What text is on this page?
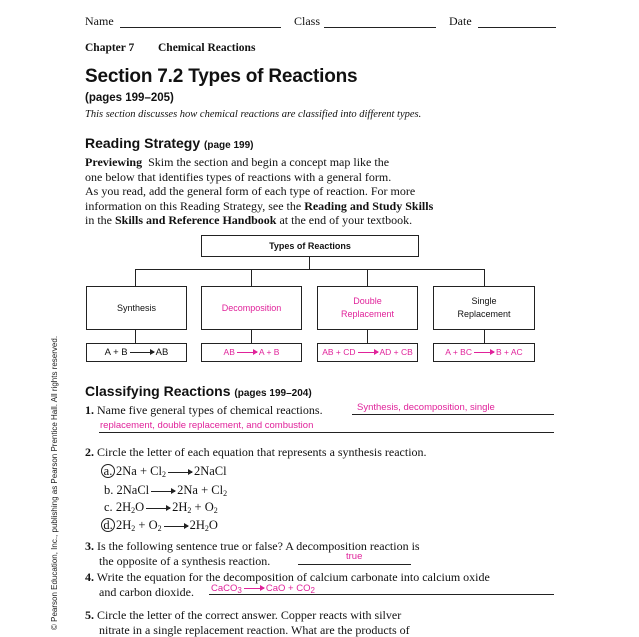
Name	Class	Date
Chapter 7 Chemical Reactions
Section 7.2 Types of Reactions
(pages 199–205)
This section discusses how chemical reactions are classified into different types.
Reading Strategy (page 199)
Previewing Skim the section and begin a concept map like the
one below that identifies types of reactions with a general form.
As you read, add the general form of each type of reaction. For more
information on this Reading Strategy, see the Reading and Study Skills
in the Skills and Reference Handbook at the end of your textbook.
Types of Reactions
Synthesis	Decomposition
Double
Replacement
Single
Replacement
A + B	AB	AB	A + B	AB + CD	AD + CB	A + BC	B + AC
Classifying Reactions (pages 199–204)
1. Name five general types of chemical reactions.	Synthesis, decomposition, single
replacement, double replacement, and combustion
2. Circle the letter of each equation that represents a synthesis reaction.
a. $2Na + Cl_2$ 2NaCl
b. 2NaCl $2Na + Cl_2$
c. $2H_2O$ $2H_2 + O_2$
d. $2H_2 + O_2$ $2H_2O$
3. Is the following sentence true or false? A decomposition reaction is
the opposite of a synthesis reaction.	true
4. Write the equation for the decomposition of calcium carbonate into calcium oxide
and carbon dioxide.	CaCO$_3$	CaO + $CO_2$
5. Circle the letter of the correct answer. Copper reacts with silver
nitrate in a single replacement reaction. What are the products of
© Pearson Education, Inc., publishing as Pearson Prentice Hall. All rights reserved.
